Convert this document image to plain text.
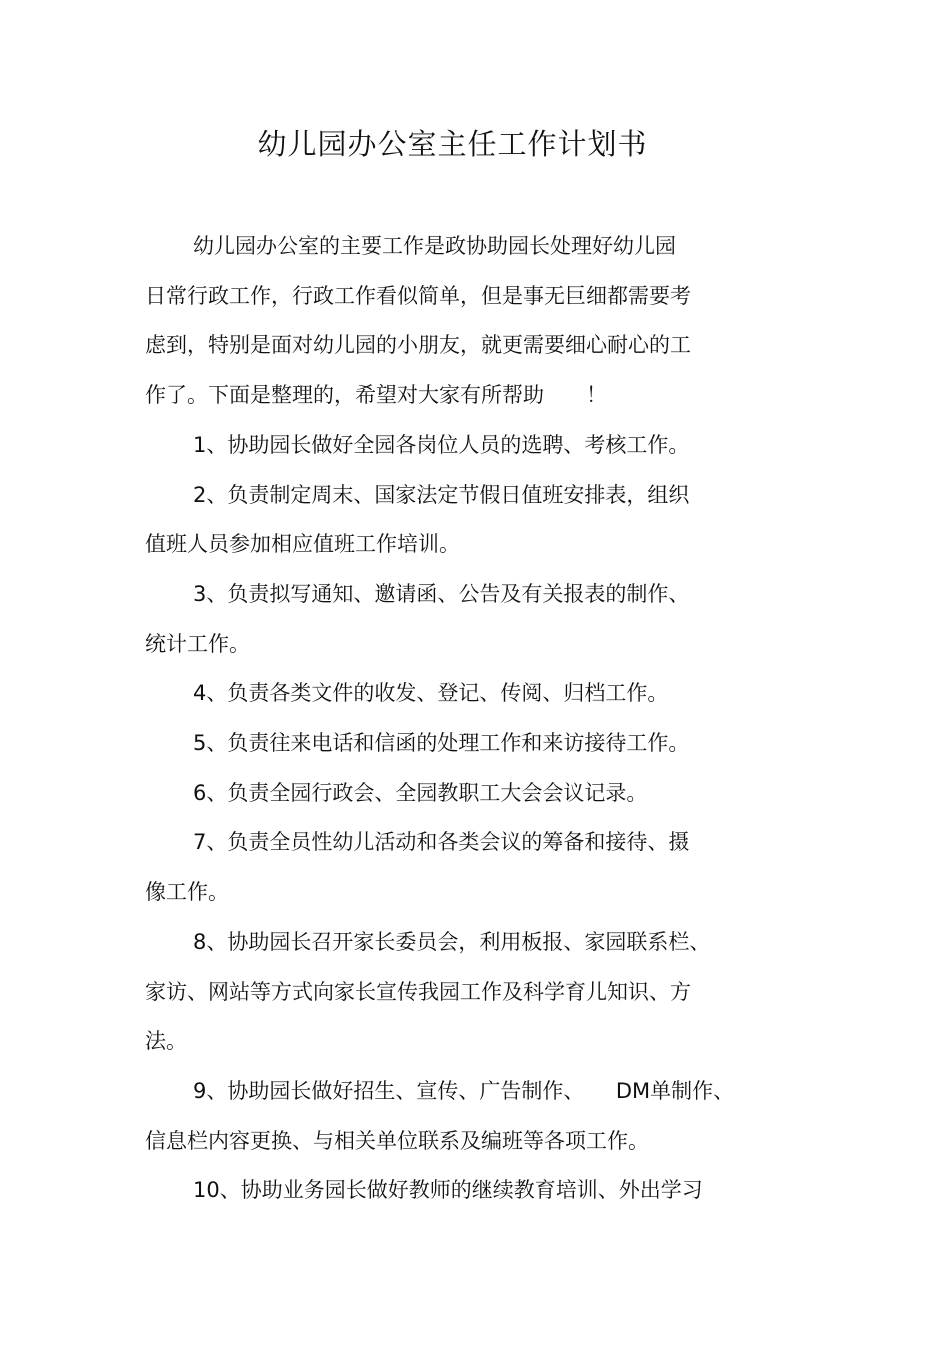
幼儿园办公室主任工作计划书

幼儿园办公室的主要工作是政协助园长处理好幼儿园
日常行政工作，行政工作看似简单，但是事无巨细都需要考
虑到，特别是面对幼儿园的小朋友，就更需要细心耐心的工
作了。下面是整理的，希望对大家有所帮助　　！

1、协助园长做好全园各岗位人员的选聘、考核工作。

2、负责制定周末、国家法定节假日值班安排表，组织
值班人员参加相应值班工作培训。

3、负责拟写通知、邀请函、公告及有关报表的制作、
统计工作。

4、负责各类文件的收发、登记、传阅、归档工作。

5、负责往来电话和信函的处理工作和来访接待工作。

6、负责全园行政会、全园教职工大会会议记录。

7、负责全员性幼儿活动和各类会议的筹备和接待、摄
像工作。

8、协助园长召开家长委员会，利用板报、家园联系栏、
家访、网站等方式向家长宣传我园工作及科学育儿知识、方
法。

9、协助园长做好招生、宣传、广告制作、　　DM单制作、
信息栏内容更换、与相关单位联系及编班等各项工作。

10、协助业务园长做好教师的继续教育培训、外出学习
